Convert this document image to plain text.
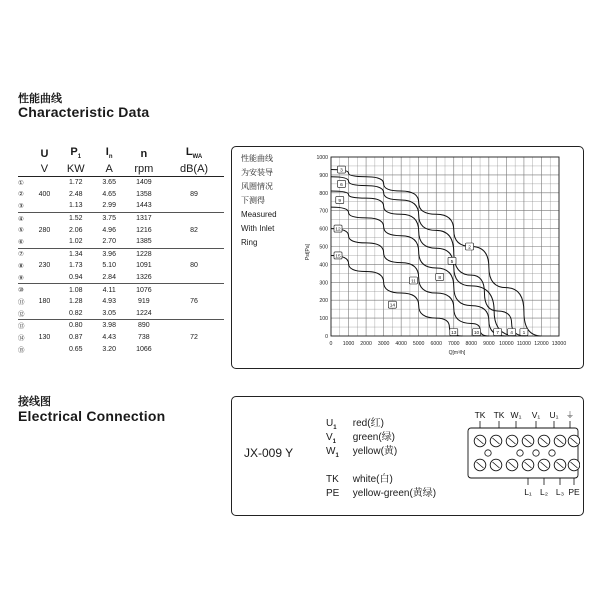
性能曲线
Characteristic Data
	U	$P_1$	$I_n$	n	$L_{WA}$
	V	KW	A	rpm	dB(A)
①		1.72	3.65	1409	
②	400	2.48	4.65	1358	89
③		1.13	2.99	1443	
④		1.52	3.75	1317	
⑤	280	2.06	4.96	1216	82
⑥		1.02	2.70	1385	
⑦		1.34	3.96	1228	
⑧	230	1.73	5.10	1091	80
⑨		0.94	2.84	1326	
⑩		1.08	4.11	1076	
⑪	180	1.28	4.93	919	76
⑫		0.82	3.05	1224	
⑬		0.80	3.98	890	
⑭	130	0.87	4.43	738	72
⑮		0.65	3.20	1066	
性能曲线
为安装导
风圈情况
下测得
Measured
With Inlet
Ring
0 1000 2000 3000 4000 5000 6000 7000 8000 9000 10000 11000 12000 13000
0
100
200
300
400
500
600
700
800
900
1000
Pst[Pa]
Q[m³/h]
1
4
7
10
13
2
5
8
11
14
3
6
9
12
15
接线图
Electrical Connection
JX-009 Y
$U_1$ red(红)
$V_1$ green(绿)
$W_1$ yellow(黄)
TK white(白)
PE yellow-green(黄绿)
TK TK W₁ V₁ U₁ ⏚
L₁ L₂ L₃ PE
